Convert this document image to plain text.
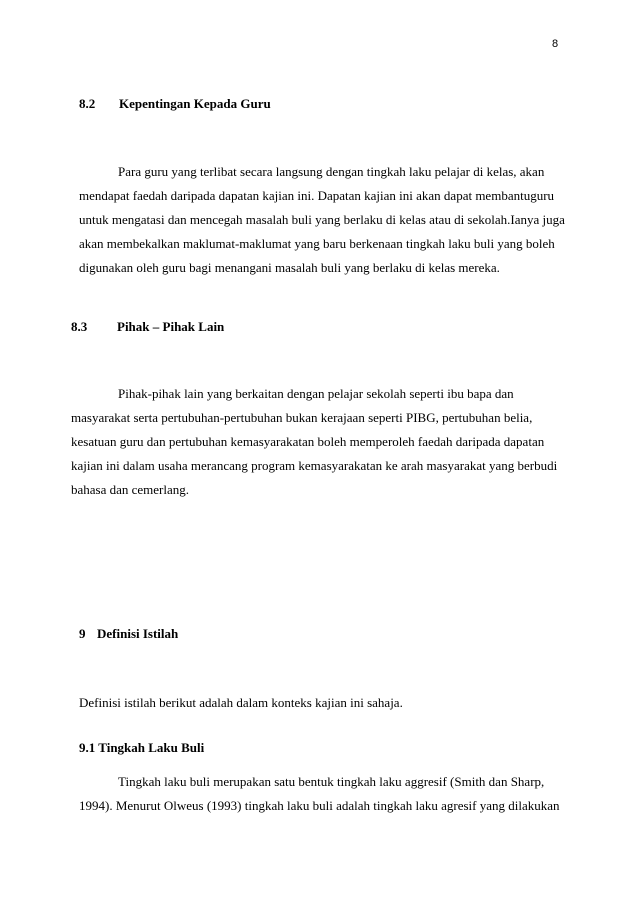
8
8.2 Kepentingan Kepada Guru
Para guru yang terlibat secara langsung dengan tingkah laku pelajar di kelas, akan
mendapat faedah daripada dapatan kajian ini. Dapatan kajian ini akan dapat membantuguru
untuk mengatasi dan mencegah masalah buli yang berlaku di kelas atau di sekolah.Ianya juga
akan membekalkan maklumat-maklumat yang baru berkenaan tingkah laku buli yang boleh
digunakan oleh guru bagi menangani masalah buli yang berlaku di kelas mereka.
8.3 Pihak – Pihak Lain
Pihak-pihak lain yang berkaitan dengan pelajar sekolah seperti ibu bapa dan
masyarakat serta pertubuhan-pertubuhan bukan kerajaan seperti PIBG, pertubuhan belia,
kesatuan guru dan pertubuhan kemasyarakatan boleh memperoleh faedah daripada dapatan
kajian ini dalam usaha merancang program kemasyarakatan ke arah masyarakat yang berbudi
bahasa dan cemerlang.
9 Definisi Istilah
Definisi istilah berikut adalah dalam konteks kajian ini sahaja.
9.1 Tingkah Laku Buli
Tingkah laku buli merupakan satu bentuk tingkah laku aggresif (Smith dan Sharp,
1994). Menurut Olweus (1993) tingkah laku buli adalah tingkah laku agresif yang dilakukan
